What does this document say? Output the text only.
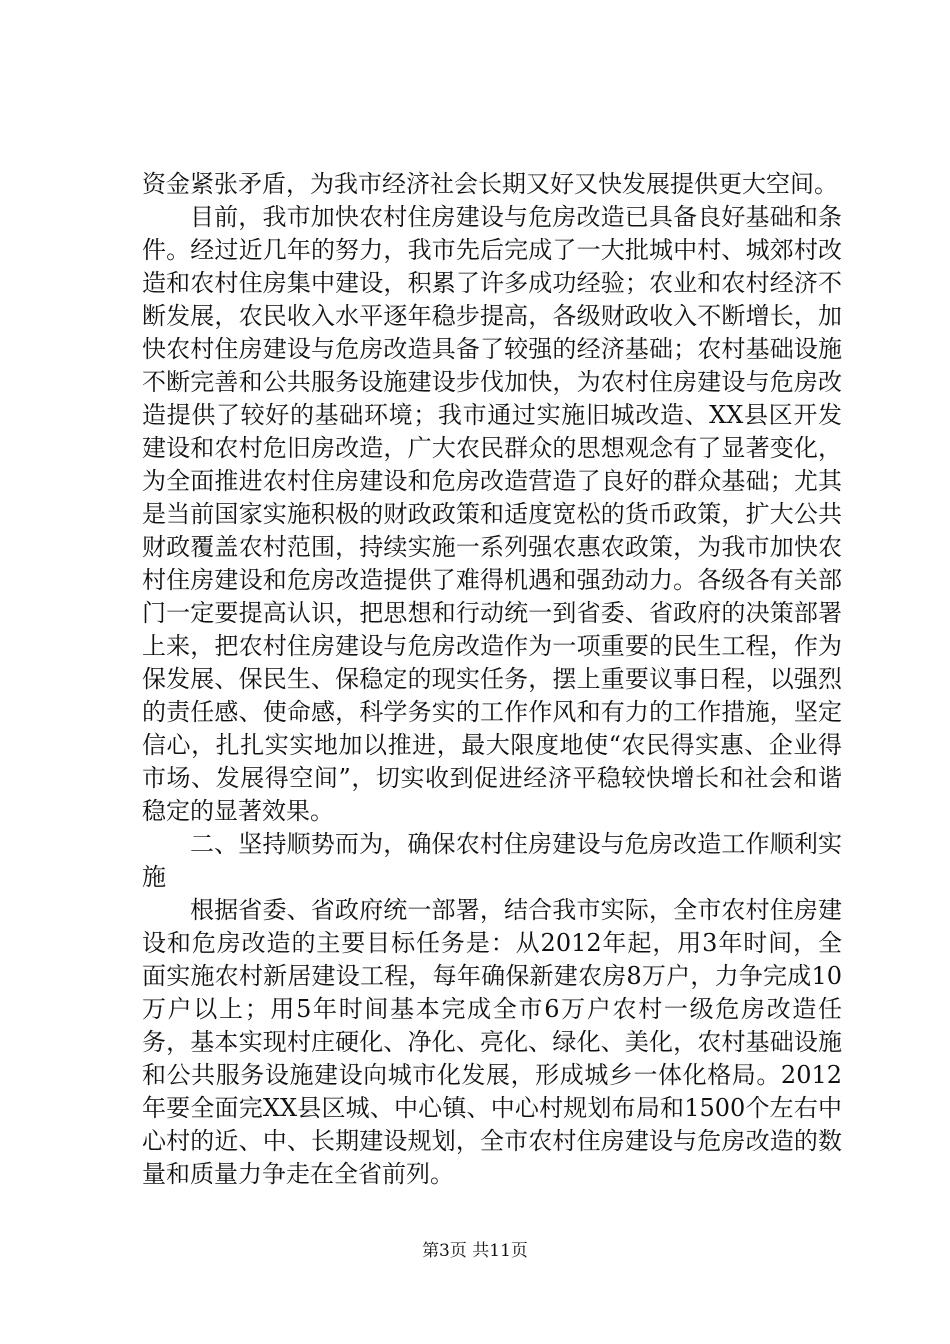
资金紧张矛盾，为我市经济社会长期又好又快发展提供更大空间。

目前，我市加快农村住房建设与危房改造已具备良好基础和条件。经过近几年的努力，我市先后完成了一大批城中村、城郊村改造和农村住房集中建设，积累了许多成功经验；农业和农村经济不断发展，农民收入水平逐年稳步提高，各级财政收入不断增长，加快农村住房建设与危房改造具备了较强的经济基础；农村基础设施不断完善和公共服务设施建设步伐加快，为农村住房建设与危房改造提供了较好的基础环境；我市通过实施旧城改造、XX县区开发建设和农村危旧房改造，广大农民群众的思想观念有了显著变化，为全面推进农村住房建设和危房改造营造了良好的群众基础；尤其是当前国家实施积极的财政政策和适度宽松的货币政策，扩大公共财政覆盖农村范围，持续实施一系列强农惠农政策，为我市加快农村住房建设和危房改造提供了难得机遇和强劲动力。各级各有关部门一定要提高认识，把思想和行动统一到省委、省政府的决策部署上来，把农村住房建设与危房改造作为一项重要的民生工程，作为保发展、保民生、保稳定的现实任务，摆上重要议事日程，以强烈的责任感、使命感，科学务实的工作作风和有力的工作措施，坚定信心，扎扎实实地加以推进，最大限度地使“农民得实惠、企业得市场、发展得空间”，切实收到促进经济平稳较快增长和社会和谐稳定的显著效果。

二、坚持顺势而为，确保农村住房建设与危房改造工作顺利实施

根据省委、省政府统一部署，结合我市实际，全市农村住房建设和危房改造的主要目标任务是：从2012年起，用3年时间，全面实施农村新居建设工程，每年确保新建农房8万户，力争完成10万户以上；用5年时间基本完成全市6万户农村一级危房改造任务，基本实现村庄硬化、净化、亮化、绿化、美化，农村基础设施和公共服务设施建设向城市化发展，形成城乡一体化格局。2012年要全面完XX县区城、中心镇、中心村规划布局和1500个左右中心村的近、中、长期建设规划，全市农村住房建设与危房改造的数量和质量力争走在全省前列。

第3页 共11页
